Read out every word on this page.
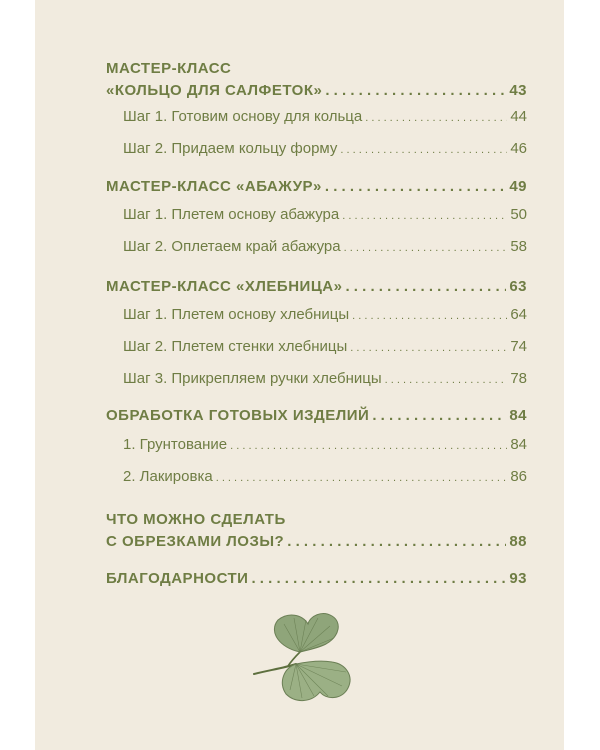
МАСТЕР-КЛАСС
«КОЛЬЦО ДЛЯ САЛФЕТОК» . . .	43
Шаг 1. Готовим основу для кольца . . .	44
Шаг 2. Придаем кольцу форму . . .	46
МАСТЕР-КЛАСС «АБАЖУР» . . .	49
Шаг 1. Плетем основу абажура . . .	50
Шаг 2. Оплетаем край абажура . . .	58
МАСТЕР-КЛАСС «ХЛЕБНИЦА» . . .	63
Шаг 1. Плетем основу хлебницы . . .	64
Шаг 2. Плетем стенки хлебницы . . .	74
Шаг 3. Прикрепляем ручки хлебницы . . .	78
ОБРАБОТКА ГОТОВЫХ ИЗДЕЛИЙ . . .	84
1. Грунтование . . .	84
2. Лакировка . . .	86
ЧТО МОЖНО СДЕЛАТЬ
С ОБРЕЗКАМИ ЛОЗЫ? . . .	88
БЛАГОДАРНОСТИ . . .	93
